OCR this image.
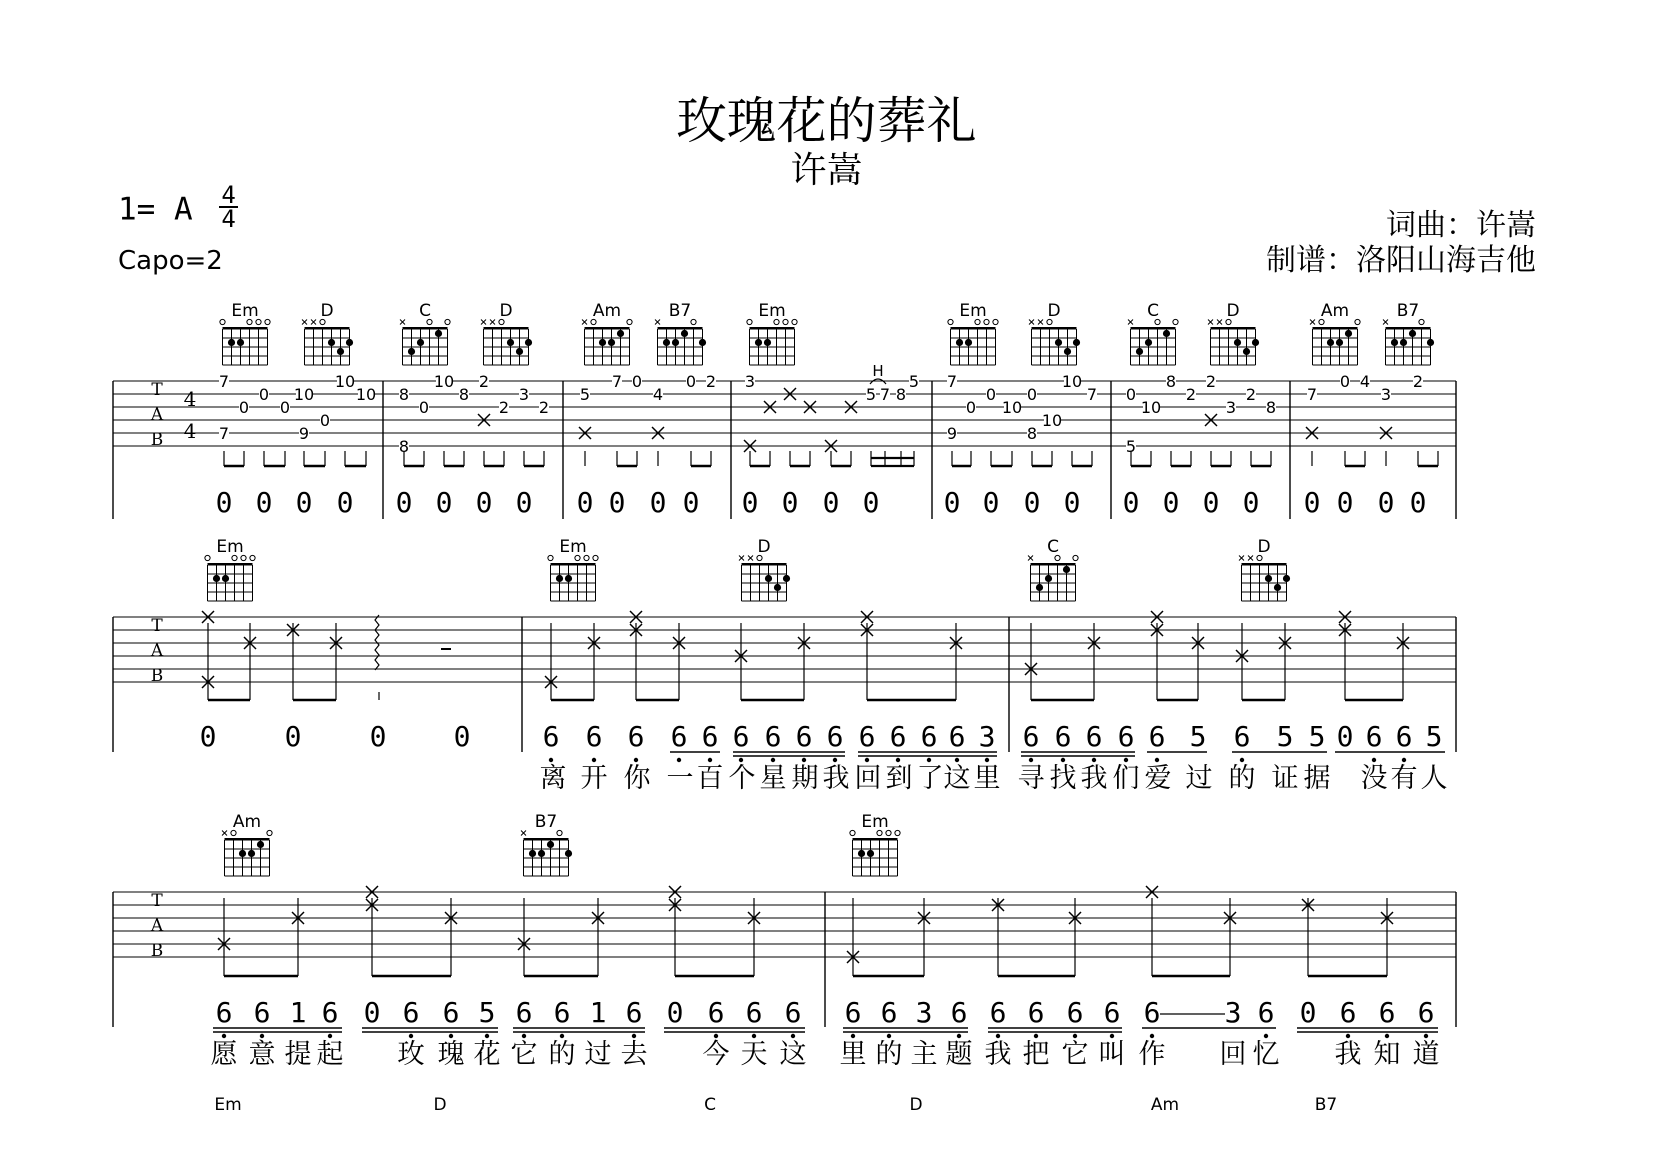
玫瑰花的葬礼
许嵩
1= A $\frac{4}{4}$
Capo=2
词曲：许嵩
制谱：洛阳山海吉他
T
A
B
4
4
Em	D	C	D	Am	B7	Em	Em	D	C	D	Am	B7
7
0
0
0
10
0
10
10
7	9
8
0
10
8
2
2
3
2
8
5
7 0
4
0 2 3
5 7 8
5 7
0
0
10
0
10
10
7
9	8
0
10
8
2
2
3
2
8
5
7
0 4
3
2
H
0 0 0 0 0 0 0 0 0 0 0 0 0 0 0 0 0 0 0 0 0 0 0 0 0 0 0 0
T
A
B
Em	Em	D	C	D
0 0 0 0	6 6 6 6 6 6 6 6 6 6 6 6 6 3 6 6 6 6 6 5 6 5 5 0 6 6 5
离 开 你 一 百 个 星 期 我 回 到 了 这 里 寻 找 我 们 爱 过 的 证 据 没 有 人
T
A
B
Am	B7	Em
6 6 1 6 0 6 6 5 6 6 1 6 0 6 6 6 6 6 3 6 6 6 6 6 6 3 6 0 6 6 6
愿 意 提 起 玫 瑰 花 它 的 过 去 今 天 这 里 的 主 题 我 把 它 叫 作 回 忆 我 知 道
Em	D	C	D	Am	B7
